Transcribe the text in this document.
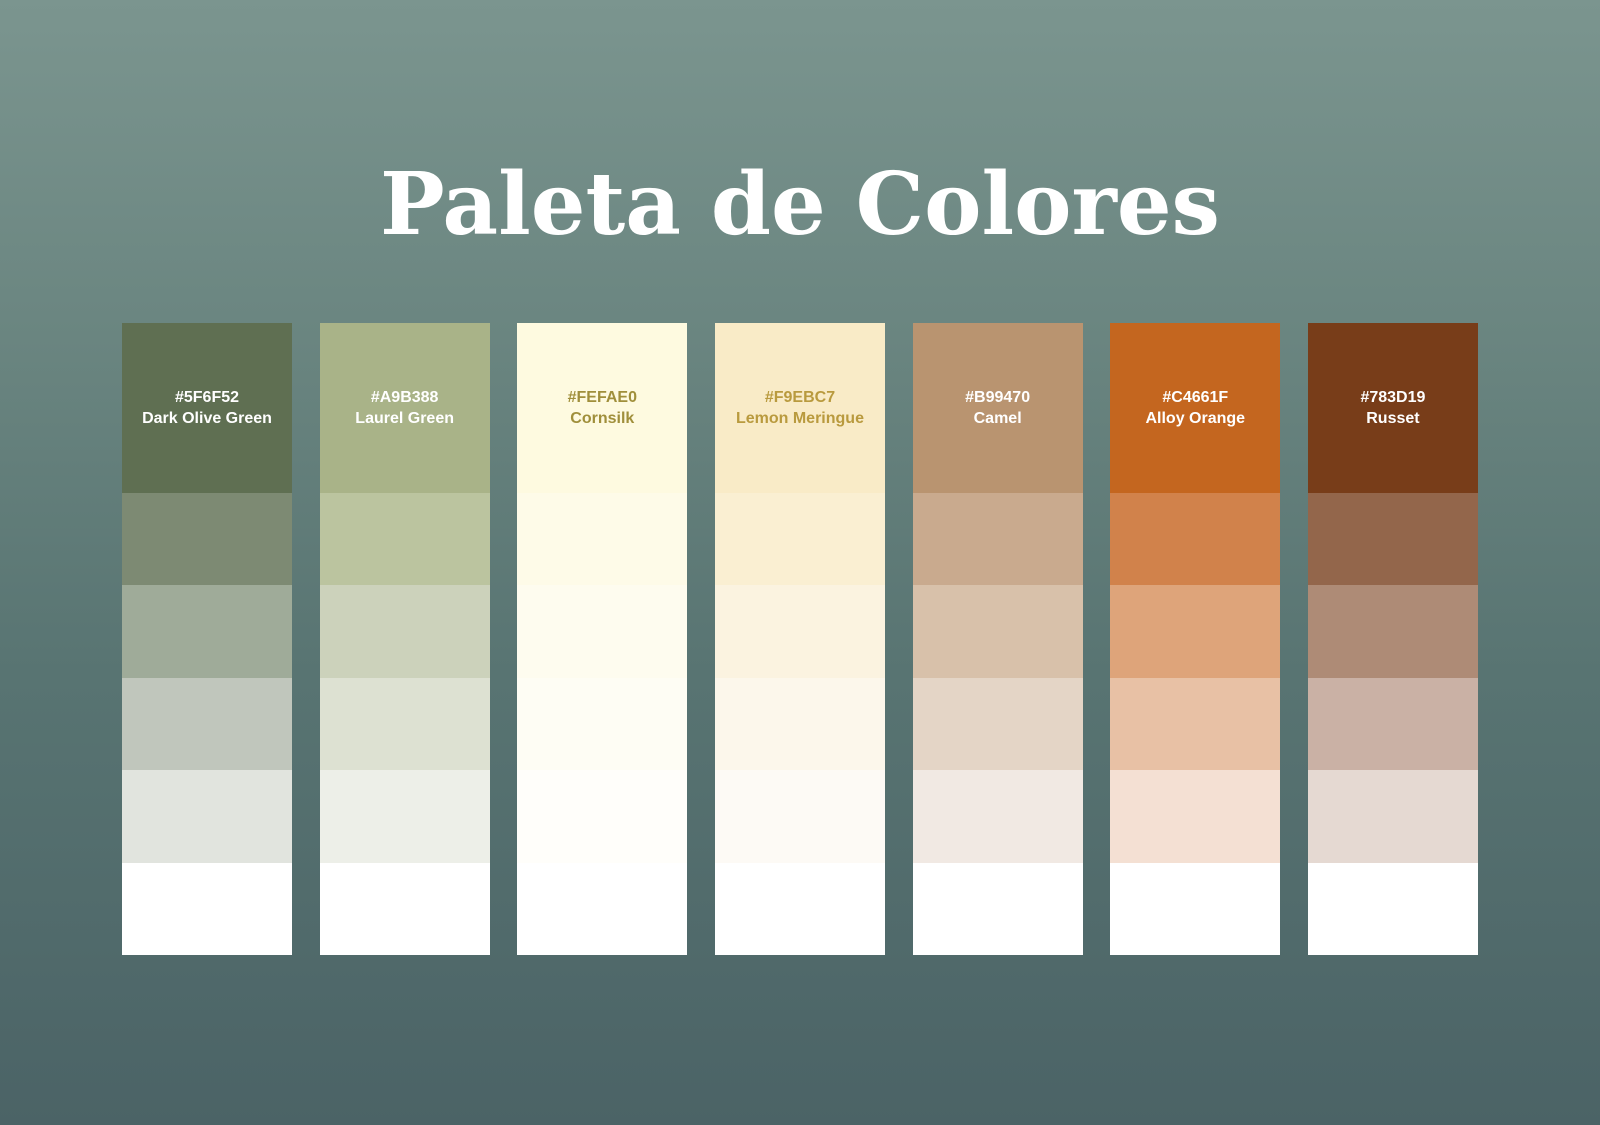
Paleta de Colores
#5F6F52
Dark Olive Green
#A9B388
Laurel Green
#FEFAE0
Cornsilk
#F9EBC7
Lemon Meringue
#B99470
Camel
#C4661F
Alloy Orange
#783D19
Russet
